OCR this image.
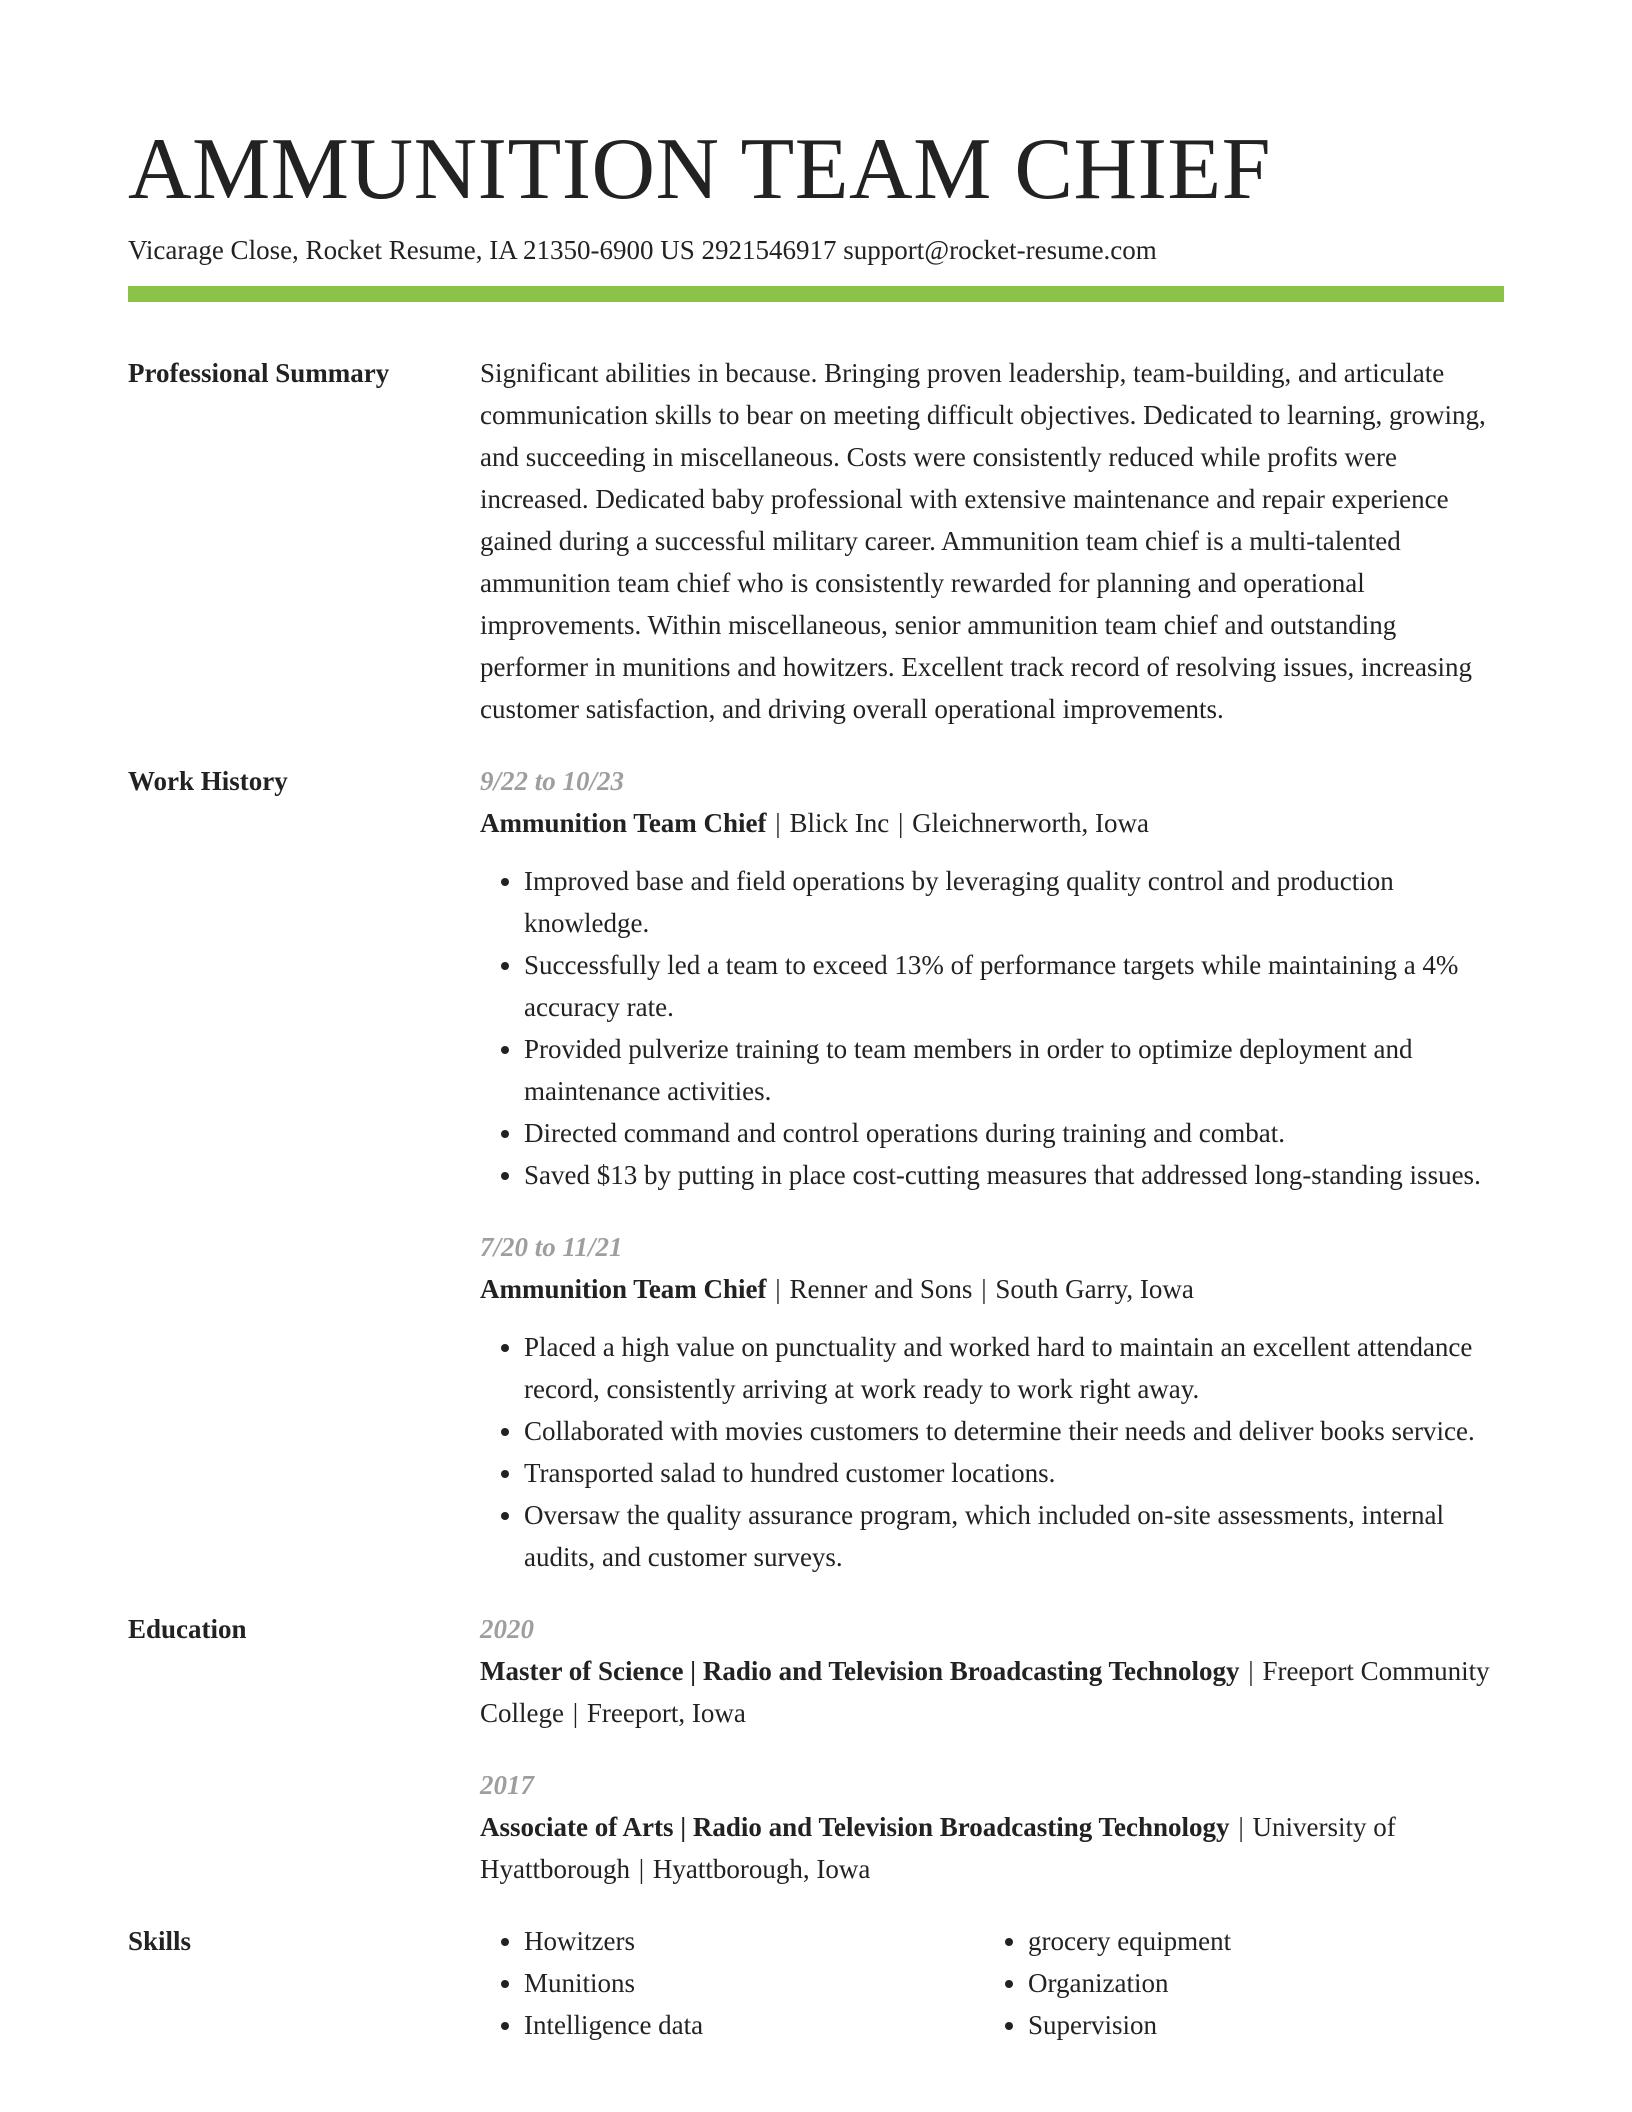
AMMUNITION TEAM CHIEF
Vicarage Close, Rocket Resume, IA 21350-6900 US 2921546917 support@rocket-resume.com
Professional Summary	Significant abilities in because. Bringing proven leadership, team-building, and articulate communication skills to bear on meeting difficult objectives. Dedicated to learning, growing, and succeeding in miscellaneous. Costs were consistently reduced while profits were increased. Dedicated baby professional with extensive maintenance and repair experience gained during a successful military career. Ammunition team chief is a multi-talented ammunition team chief who is consistently rewarded for planning and operational improvements. Within miscellaneous, senior ammunition team chief and outstanding performer in munitions and howitzers. Excellent track record of resolving issues, increasing customer satisfaction, and driving overall operational improvements.
Work History	9/22 to 10/23
Ammunition Team Chief | Blick Inc | Gleichnerworth, Iowa
• Improved base and field operations by leveraging quality control and production knowledge.
• Successfully led a team to exceed 13% of performance targets while maintaining a 4% accuracy rate.
• Provided pulverize training to team members in order to optimize deployment and maintenance activities.
• Directed command and control operations during training and combat.
• Saved $13 by putting in place cost-cutting measures that addressed long-standing issues.
7/20 to 11/21
Ammunition Team Chief | Renner and Sons | South Garry, Iowa
• Placed a high value on punctuality and worked hard to maintain an excellent attendance record, consistently arriving at work ready to work right away.
• Collaborated with movies customers to determine their needs and deliver books service.
• Transported salad to hundred customer locations.
• Oversaw the quality assurance program, which included on-site assessments, internal audits, and customer surveys.
Education	2020
Master of Science | Radio and Television Broadcasting Technology | Freeport Community College | Freeport, Iowa
2017
Associate of Arts | Radio and Television Broadcasting Technology | University of Hyattborough | Hyattborough, Iowa
Skills
•	Howitzers
• Munitions
• Intelligence data
• grocery equipment
• Organization
• Supervision
